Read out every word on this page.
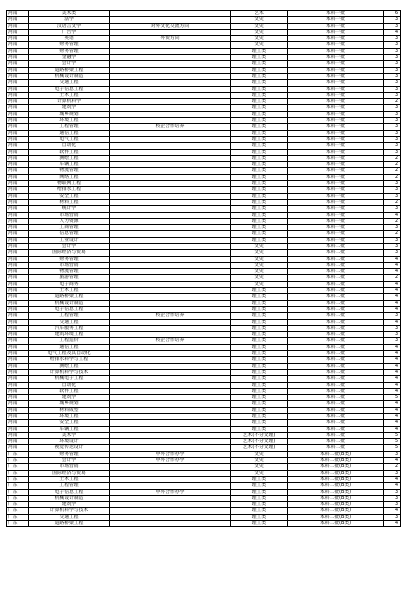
河南	美术类		艺术	本科一批	6
河南	法学		文史	本科一批	3
河南	汉语言文学	对外文化交流方向	文史	本科一批	3
河南	广告学		文史	本科一批	4
河南	英语	外贸方向	文史	本科一批	3
河南	财务管理		文史	本科一批	3
河南	财务管理		理工类	本科一批	3
河南	金融学		理工类	本科一批	3
河南	会计学		理工类	本科一批	3
河南	道路桥梁工程		理工类	本科一批	3
河南	机械设计制造		理工类	本科一批	3
河南	交通工程		理工类	本科一批	3
河南	电子信息工程		理工类	本科一批	3
河南	土木工程		理工类	本科一批	3
河南	计算机科学		理工类	本科一批	2
河南	建筑学		理工类	本科一批	3
河南	城乡规划		理工类	本科一批	3
河南	环境工程		理工类	本科一批	3
河南	工程管理	校企合作培养	理工类	本科一批	3
河南	通信工程		理工类	本科一批	3
河南	电气工程		理工类	本科一批	3
河南	自动化		理工类	本科一批	3
河南	软件工程		理工类	本科一批	3
河南	测绘工程		理工类	本科一批	2
河南	车辆工程		理工类	本科一批	2
河南	物流管理		理工类	本科一批	2
河南	网络工程		理工类	本科一批	2
河南	物联网工程		理工类	本科一批	3
河南	给排水工程		理工类	本科一批	3
河南	安全工程		理工类	本科一批	3
河南	材料工程		理工类	本科一批	2
河南	统计学		理工类	本科一批	3
河南	市场营销		理工类	本科一批	4
河南	人力资源		理工类	本科一批	2
河南	工商管理		理工类	本科一批	3
河南	信息管理		理工类	本科一批	2
河南	工业设计		理工类	本科一批	3
河南	会计学		文史	本科二批	3
河南	国际经济与贸易		文史	本科二批	3
河南	财务管理		文史	本科二批	4
河南	市场营销		文史	本科二批	4
河南	物流管理		文史	本科二批	4
河南	旅游管理		文史	本科二批	2
河南	电子商务		文史	本科二批	4
河南	土木工程		理工类	本科二批	4
河南	道路桥梁工程		理工类	本科二批	4
河南	机械设计制造		理工类	本科二批	4
河南	电子信息工程		理工类	本科二批	4
河南	工程管理	校企合作培养	理工类	本科二批	3
河南	交通工程		理工类	本科二批	4
河南	汽车服务工程		理工类	本科二批	3
河南	建筑环境工程		理工类	本科二批	3
河南	工程造价	校企合作培养	理工类	本科二批	3
河南	通信工程		理工类	本科二批	4
河南	电气工程及其自动化		理工类	本科二批	4
河南	给排水科学与工程		理工类	本科二批	4
河南	测绘工程		理工类	本科二批	4
河南	计算机科学与技术		理工类	本科二批	4
河南	机械电子工程		理工类	本科二批	4
河南	自动化		理工类	本科二批	4
河南	软件工程		理工类	本科二批	4
河南	建筑学		理工类	本科二批	5
河南	城乡规划		理工类	本科二批	4
河南	材料成型		理工类	本科二批	4
河南	环境工程		理工类	本科二批	4
河南	安全工程		理工类	本科二批	4
河南	车辆工程		理工类	本科二批	4
河南	美术学		艺术(不分文理)	本科二批	5
河南	环境设计		艺术(不分文理)	本科二批	5
河南	视觉传达设计		艺术(不分文理)	本科二批	5
广东	财务管理	中外合作办学	文史	本科二批(B类)	3
广东	会计学	中外合作办学	文史	本科二批(B类)	4
广东	市场营销		文史	本科二批(B类)	2
广东	国际经济与贸易		文史	本科二批(B类)	3
广东	土木工程		理工类	本科二批(B类)	4
广东	工程管理		理工类	本科二批(B类)	4
广东	电子信息工程	中外合作办学	理工类	本科二批(B类)	3
广东	机械设计制造		理工类	本科二批(B类)	3
广东	建筑学		理工类	本科二批(B类)	3
广东	计算机科学与技术		理工类	本科二批(B类)	4
广东	交通工程		理工类	本科二批(B类)	3
广东	道路桥梁工程		理工类	本科二批(B类)	4
